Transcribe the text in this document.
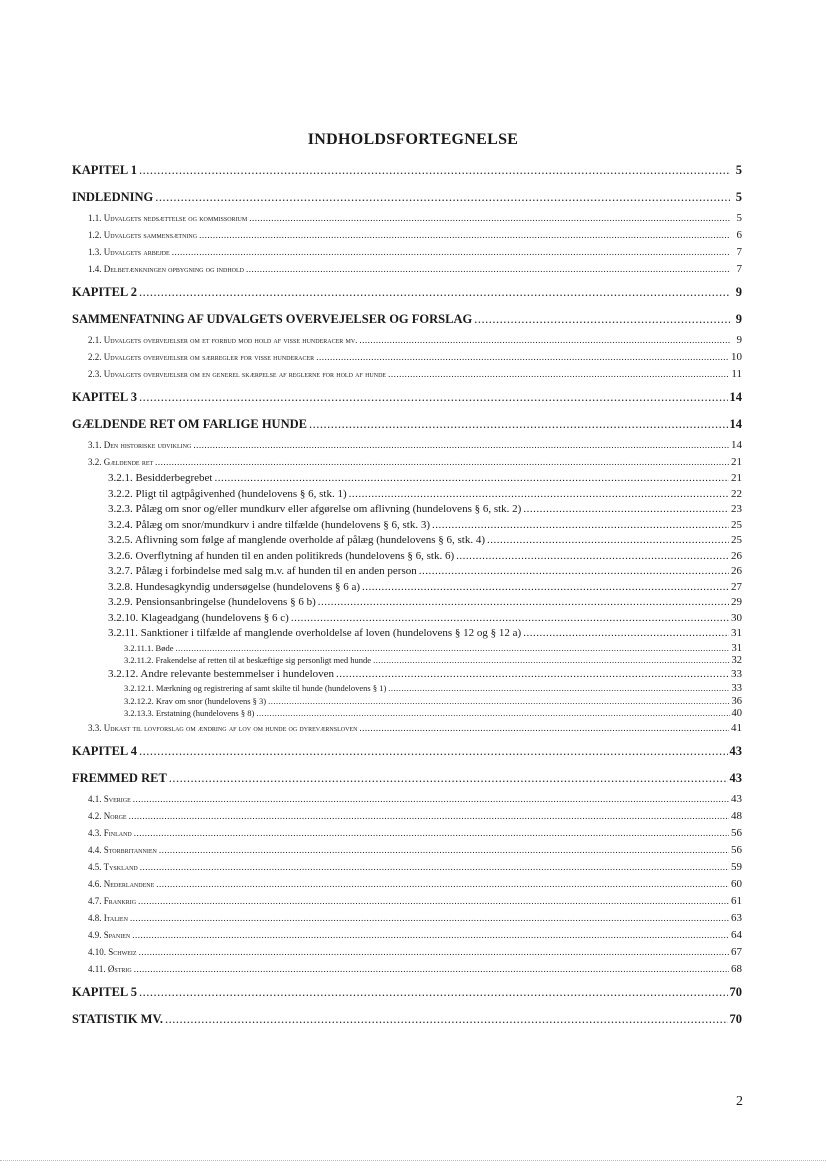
INDHOLDSFORTEGNELSE
KAPITEL 1 .....	5
INDLEDNING .....	5
1.1. Udvalgets nedsættelse og kommissorium .....	5
1.2. Udvalgets sammensætning .....	6
1.3. Udvalgets arbejde .....	7
1.4. Delbetænkningen opbygning og indhold .....	7
KAPITEL 2 .....	9
SAMMENFATNING AF UDVALGETS OVERVEJELSER OG FORSLAG .....	9
2.1. Udvalgets overvejelser om et forbud mod hold af visse hunderacer mv. .....	9
2.2. Udvalgets overvejelser om særregler for visse hunderacer .....	10
2.3. Udvalgets overvejelser om en generel skærpelse af reglerne for hold af hunde .....	11
KAPITEL 3 .....	14
GÆLDENDE RET OM FARLIGE HUNDE .....	14
3.1. Den historiske udvikling .....	14
3.2. Gældende ret .....	21
3.2.1. Besidderbegrebet .....	21
3.2.2. Pligt til agtpågivenhed (hundelovens § 6, stk. 1) .....	22
3.2.3. Pålæg om snor og/eller mundkurv eller afgørelse om aflivning (hundelovens § 6, stk. 2) .....	23
3.2.4. Pålæg om snor/mundkurv i andre tilfælde (hundelovens § 6, stk. 3) .....	25
3.2.5. Aflivning som følge af manglende overholde af pålæg (hundelovens § 6, stk. 4) .....	25
3.2.6. Overflytning af hunden til en anden politikreds (hundelovens § 6, stk. 6) .....	26
3.2.7. Pålæg i forbindelse med salg m.v. af hunden til en anden person .....	26
3.2.8. Hundesagkyndig undersøgelse (hundelovens § 6 a) .....	27
3.2.9. Pensionsanbringelse (hundelovens § 6 b) .....	29
3.2.10. Klageadgang (hundelovens § 6 c) .....	30
3.2.11. Sanktioner i tilfælde af manglende overholdelse af loven (hundelovens § 12 og § 12 a) .....	31
3.2.11.1. Bøde .....	31
3.2.11.2. Frakendelse af retten til at beskæftige sig personligt med hunde .....	32
3.2.12. Andre relevante bestemmelser i hundeloven .....	33
3.2.12.1. Mærkning og registrering af samt skilte til hunde (hundelovens § 1) .....	33
3.2.12.2. Krav om snor (hundelovens § 3) .....	36
3.2.13.3. Erstatning (hundelovens § 8) .....	40
3.3. Udkast til lovforslag om ændring af lov om hunde og dyreværnsloven .....	41
KAPITEL 4 .....	43
FREMMED RET .....	43
4.1. Sverige .....	43
4.2. Norge .....	48
4.3. Finland .....	56
4.4. Storbritannien .....	56
4.5. Tyskland .....	59
4.6. Nederlandene .....	60
4.7. Frankrig .....	61
4.8. Italien .....	63
4.9. Spanien .....	64
4.10. Schweiz .....	67
4.11. Østrig .....	68
KAPITEL 5 .....	70
STATISTIK MV. .....	70
2
